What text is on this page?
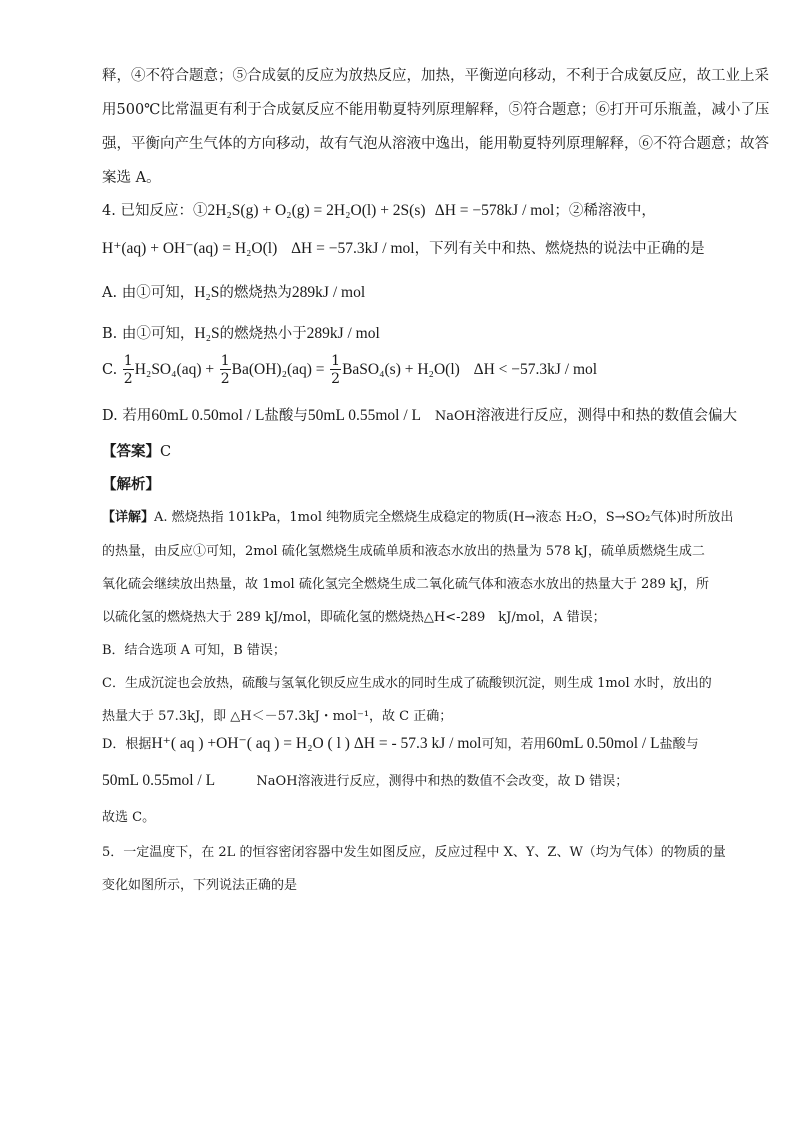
释，④不符合题意；⑤合成氨的反应为放热反应，加热，平衡逆向移动，不利于合成氨反应，故工业上采
用500℃比常温更有利于合成氨反应不能用勒夏特列原理解释，⑤符合题意；⑥打开可乐瓶盖，减小了压
强，平衡向产生气体的方向移动，故有气泡从溶液中逸出，能用勒夏特列原理解释，⑥不符合题意；故答
案选 A。
4. 已知反应：①2H₂S(g) + O₂(g) = 2H₂O(l) + 2S(s) ΔH = −578kJ / mol；②稀溶液中，
H⁺(aq) + OH⁻(aq) = H₂O(l) ΔH = −57.3kJ / mol，下列有关中和热、燃烧热的说法中正确的是
A. 由①可知，H₂S的燃烧热为289kJ / mol
B. 由①可知，H₂S的燃烧热小于289kJ / mol
C. $\frac{1}{2} H_2SO_4(aq) + \frac{1}{2} Ba(OH)_2(aq) = \frac{1}{2}$ BaSO₄(s) + H₂O(l) ΔH < −57.3kJ / mol
D. 若用60mL 0.50mol / L盐酸与50mL 0.55mol / L NaOH溶液进行反应，测得中和热的数值会偏大
【答案】C
【解析】
【详解】A. 燃烧热指 101kPa，1mol 纯物质完全燃烧生成稳定的物质(H→液态 H₂O，S→SO₂气体)时所放出
的热量，由反应①可知，2mol 硫化氢燃烧生成硫单质和液态水放出的热量为 578 kJ，硫单质燃烧生成二
氧化硫会继续放出热量，故 1mol 硫化氢完全燃烧生成二氧化硫气体和液态水放出的热量大于 289 kJ，所
以硫化氢的燃烧热大于 289 kJ/mol，即硫化氢的燃烧热△H<-289　kJ/mol，A 错误；
B．结合选项 A 可知，B 错误；
C．生成沉淀也会放热，硫酸与氢氧化钡反应生成水的同时生成了硫酸钡沉淀，则生成 1mol 水时，放出的
热量大于 57.3kJ，即 △H＜－57.3kJ・mol⁻¹，故 C 正确；
D．根据H⁺( aq ) +OH⁻( aq ) = H₂O ( l ) ΔH = - 57.3 kJ / mol可知，若用60mL 0.50mol / L盐酸与
50mL 0.55mol / L	NaOH溶液进行反应，测得中和热的数值不会改变，故 D 错误；
故选 C。
5．一定温度下，在 2L 的恒容密闭容器中发生如图反应，反应过程中 X、Y、Z、W（均为气体）的物质的量
变化如图所示，下列说法正确的是
